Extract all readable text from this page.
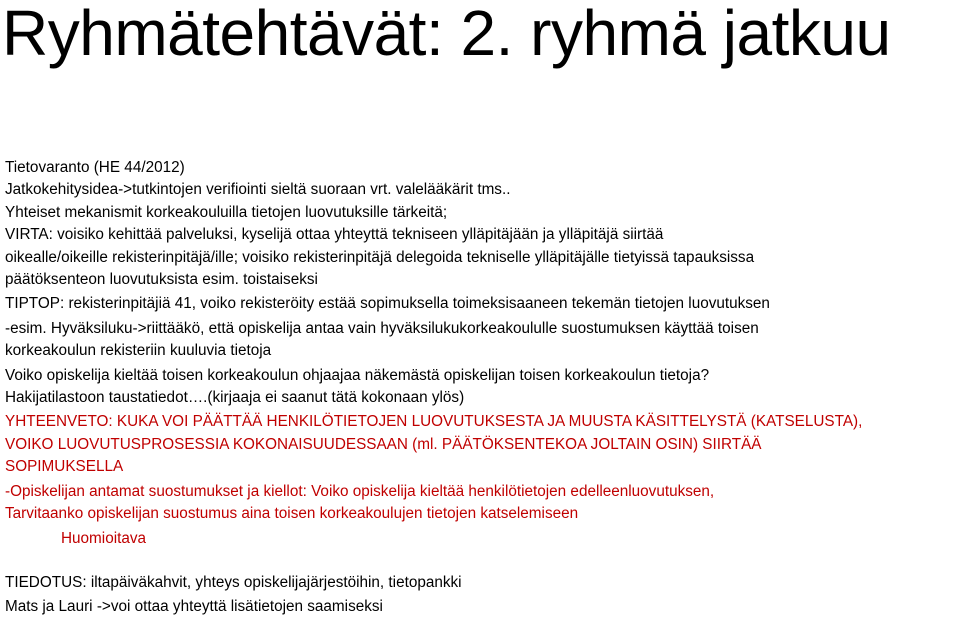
Ryhmätehtävät: 2. ryhmä jatkuu
Tietovaranto (HE 44/2012)
Jatkokehitysidea->tutkintojen verifiointi sieltä suoraan vrt. valelääkärit tms..
Yhteiset mekanismit korkeakouluilla tietojen luovutuksille tärkeitä;
VIRTA: voisiko kehittää palveluksi, kyselijä ottaa yhteyttä tekniseen ylläpitäjään ja ylläpitäjä siirtää
oikealle/oikeille rekisterinpitäjä/ille; voisiko rekisterinpitäjä delegoida tekniselle ylläpitäjälle tietyissä tapauksissa
päätöksenteon luovutuksista esim. toistaiseksi
TIPTOP: rekisterinpitäjiä 41, voiko rekisteröity estää sopimuksella toimeksisaaneen tekemän tietojen luovutuksen
-esim. Hyväksiluku->riittääkö, että opiskelija antaa vain hyväksilukukorkeakoululle suostumuksen käyttää toisen
korkeakoulun rekisteriin kuuluvia tietoja
Voiko opiskelija kieltää toisen korkeakoulun ohjaajaa näkemästä opiskelijan toisen korkeakoulun tietoja?
Hakijatilastoon taustatiedot….(kirjaaja ei saanut tätä kokonaan ylös)
YHTEENVETO: KUKA VOI PÄÄTTÄÄ HENKILÖTIETOJEN LUOVUTUKSESTA JA MUUSTA KÄSITTELYSTÄ (KATSELUSTA),
VOIKO LUOVUTUSPROSESSIA KOKONAISUUDESSAAN (ml. PÄÄTÖKSENTEKOA JOLTAIN OSIN) SIIRTÄÄ
SOPIMUKSELLA
-Opiskelijan antamat suostumukset ja kiellot: Voiko opiskelija kieltää henkilötietojen edelleenluovutuksen,
Tarvitaanko opiskelijan suostumus aina toisen korkeakoulujen tietojen katselemiseen
Huomioitava
TIEDOTUS: iltapäiväkahvit, yhteys opiskelijajärjestöihin, tietopankki
Mats ja Lauri ->voi ottaa yhteyttä lisätietojen saamiseksi
